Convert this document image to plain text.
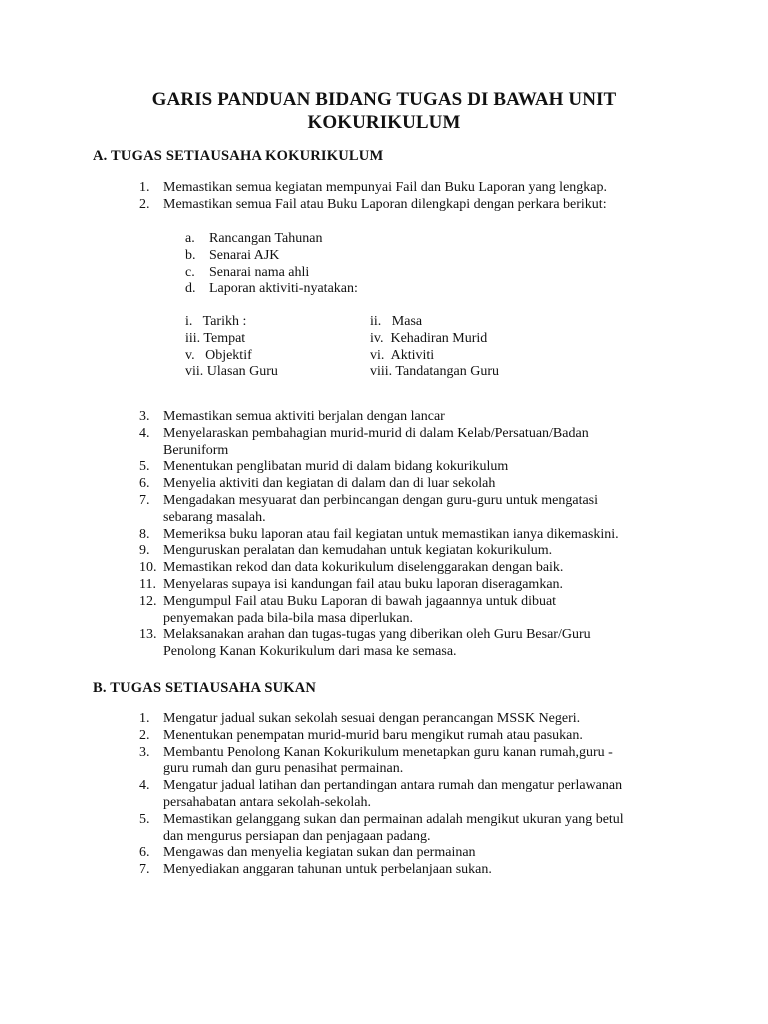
GARIS PANDUAN BIDANG TUGAS DI BAWAH UNIT
KOKURIKULUM
A. TUGAS SETIAUSAHA KOKURIKULUM
1. Memastikan semua kegiatan mempunyai Fail dan Buku Laporan yang lengkap.
2. Memastikan semua Fail atau Buku Laporan dilengkapi dengan perkara berikut:
a. Rancangan Tahunan
b. Senarai AJK
c. Senarai nama ahli
d. Laporan aktiviti-nyatakan:
i.   Tarikh :	ii.   Masa
iii. Tempat	iv.  Kehadiran Murid
v.   Objektif	vi.  Aktiviti
vii. Ulasan Guru	viii. Tandatangan Guru
3. Memastikan semua aktiviti berjalan dengan lancar
4. Menyelaraskan pembahagian murid-murid di dalam Kelab/Persatuan/Badan
Beruniform
5. Menentukan penglibatan murid di dalam bidang kokurikulum
6. Menyelia aktiviti dan kegiatan di dalam dan di luar sekolah
7. Mengadakan mesyuarat dan perbincangan dengan guru-guru untuk mengatasi
sebarang masalah.
8. Memeriksa buku laporan atau fail kegiatan untuk memastikan ianya dikemaskini.
9. Menguruskan peralatan dan kemudahan untuk kegiatan kokurikulum.
10. Memastikan rekod dan data kokurikulum diselenggarakan dengan baik.
11. Menyelaras supaya isi kandungan fail atau buku laporan diseragamkan.
12. Mengumpul Fail atau Buku Laporan di bawah jagaannya untuk dibuat
penyemakan pada bila-bila masa diperlukan.
13. Melaksanakan arahan dan tugas-tugas yang diberikan oleh Guru Besar/Guru
Penolong Kanan Kokurikulum dari masa ke semasa.
B. TUGAS SETIAUSAHA SUKAN
1. Mengatur jadual sukan sekolah sesuai dengan perancangan MSSK Negeri.
2. Menentukan penempatan murid-murid baru mengikut rumah atau pasukan.
3. Membantu Penolong Kanan Kokurikulum menetapkan guru kanan rumah,guru -
guru rumah dan guru penasihat permainan.
4. Mengatur jadual latihan dan pertandingan antara rumah dan mengatur perlawanan
persahabatan antara sekolah-sekolah.
5. Memastikan gelanggang sukan dan permainan adalah mengikut ukuran yang betul
dan mengurus persiapan dan penjagaan padang.
6. Mengawas dan menyelia kegiatan sukan dan permainan
7. Menyediakan anggaran tahunan untuk perbelanjaan sukan.
